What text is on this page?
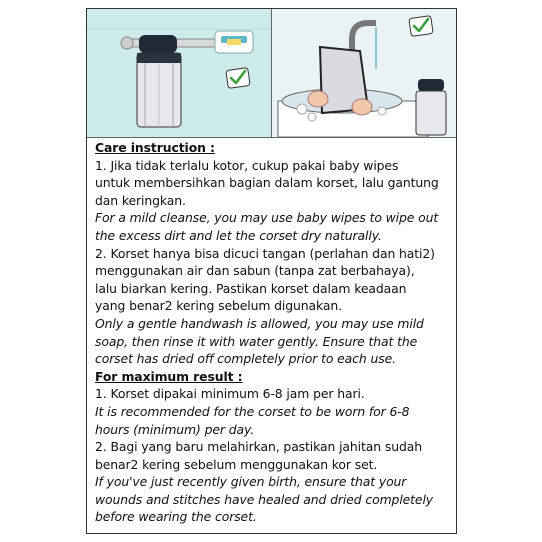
Care instruction :

1. Jika tidak terlalu kotor, cukup pakai baby wipes

untuk membersihkan bagian dalam korset, lalu gantung

dan keringkan.

For a mild cleanse, you may use baby wipes to wipe out

the excess dirt and let the corset dry naturally.

2. Korset hanya bisa dicuci tangan (perlahan dan hati2)

menggunakan air dan sabun (tanpa zat berbahaya),

lalu biarkan kering. Pastikan korset dalam keadaan

yang benar2 kering sebelum digunakan.

Only a gentle handwash is allowed, you may use mild

soap, then rinse it with water gently. Ensure that the

corset has dried off completely prior to each use.

For maximum result :

1. Korset dipakai minimum 6-8 jam per hari.

It is recommended for the corset to be worn for 6-8

hours (minimum) per day.

2. Bagi yang baru melahirkan, pastikan jahitan sudah

benar2 kering sebelum menggunakan kor set.

If you've just recently given birth, ensure that your

wounds and stitches have healed and dried completely

before wearing the corset.
